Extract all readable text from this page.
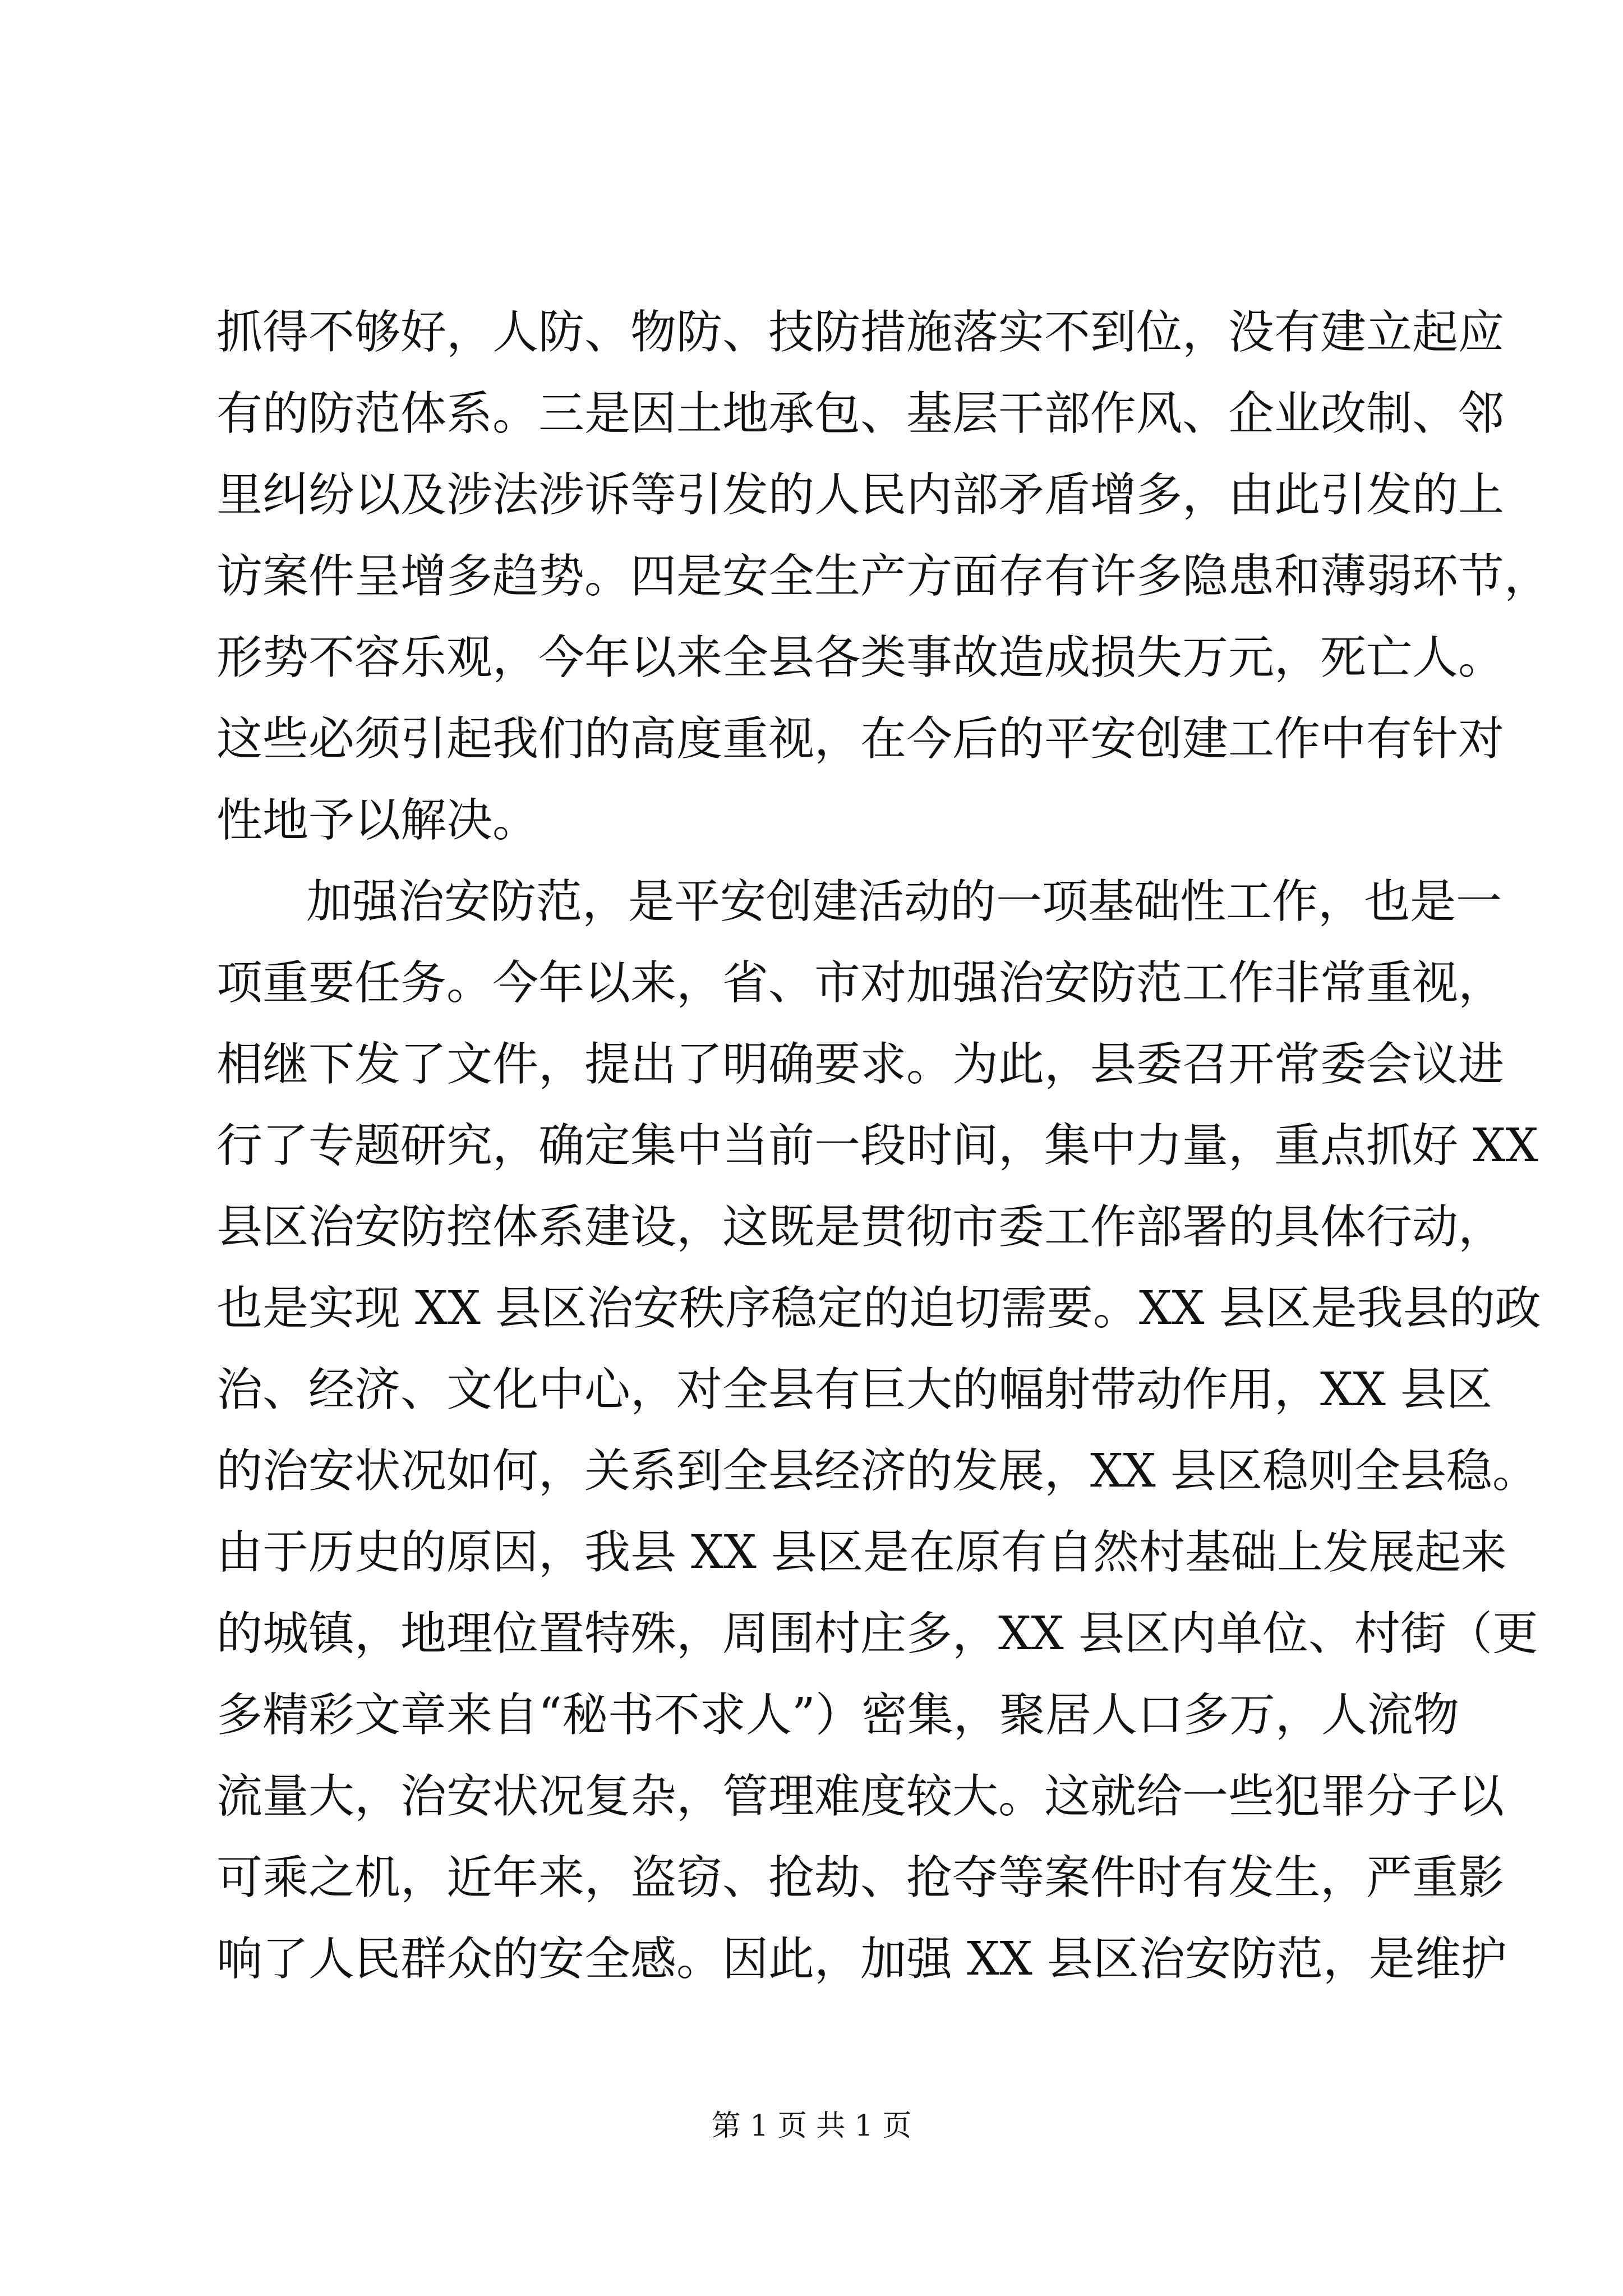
抓得不够好，人防、物防、技防措施落实不到位，没有建立起应
有的防范体系。三是因土地承包、基层干部作风、企业改制、邻
里纠纷以及涉法涉诉等引发的人民内部矛盾增多，由此引发的上
访案件呈增多趋势。四是安全生产方面存有许多隐患和薄弱环节，
形势不容乐观，今年以来全县各类事故造成损失万元，死亡人。
这些必须引起我们的高度重视，在今后的平安创建工作中有针对
性地予以解决。
加强治安防范，是平安创建活动的一项基础性工作，也是一
项重要任务。今年以来，省、市对加强治安防范工作非常重视，
相继下发了文件，提出了明确要求。为此，县委召开常委会议进
行了专题研究，确定集中当前一段时间，集中力量，重点抓好 XX
县区治安防控体系建设，这既是贯彻市委工作部署的具体行动，
也是实现 XX 县区治安秩序稳定的迫切需要。XX 县区是我县的政
治、经济、文化中心，对全县有巨大的幅射带动作用，XX 县区
的治安状况如何，关系到全县经济的发展，XX 县区稳则全县稳。
由于历史的原因，我县 XX 县区是在原有自然村基础上发展起来
的城镇，地理位置特殊，周围村庄多，XX 县区内单位、村街（更
多精彩文章来自“秘书不求人”）密集，聚居人口多万，人流物
流量大，治安状况复杂，管理难度较大。这就给一些犯罪分子以
可乘之机，近年来，盗窃、抢劫、抢夺等案件时有发生，严重影
响了人民群众的安全感。因此，加强 XX 县区治安防范，是维护
第 1 页 共 1 页
